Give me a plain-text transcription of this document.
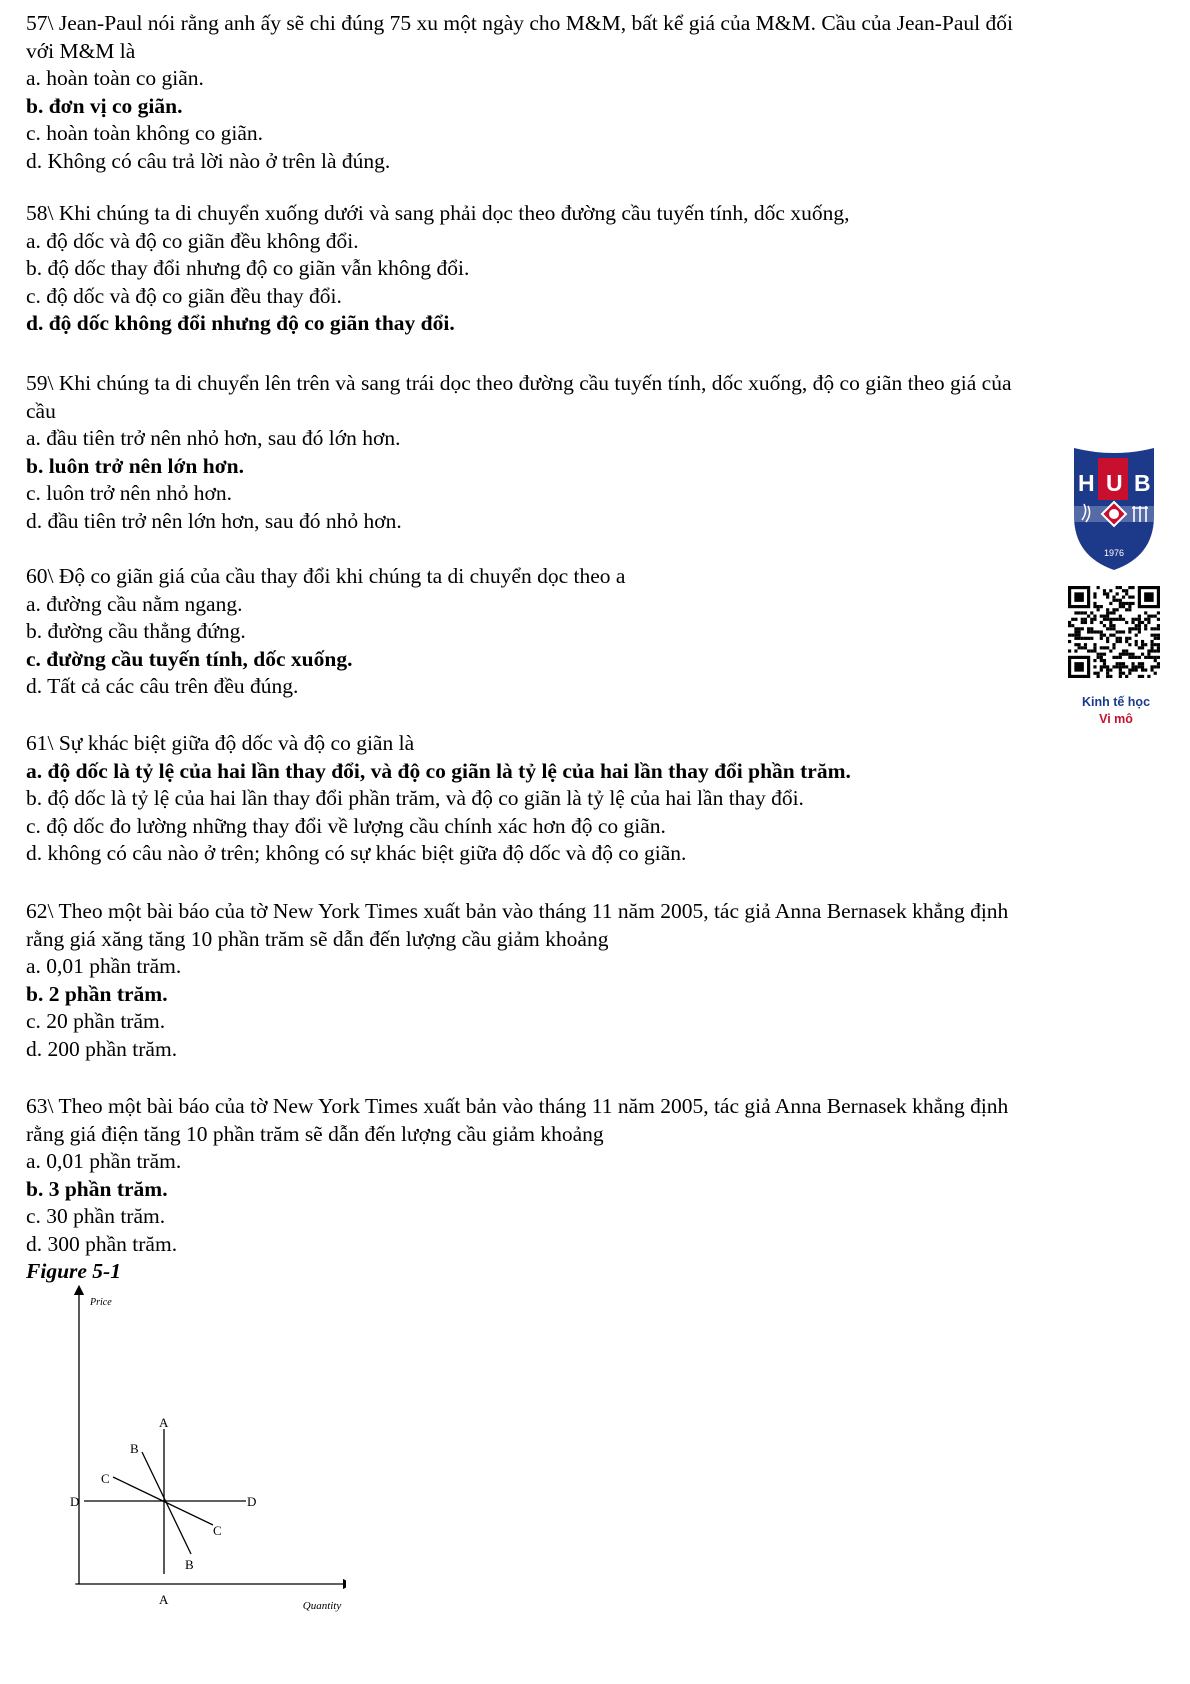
57\ Jean-Paul nói rằng anh ấy sẽ chi đúng 75 xu một ngày cho M&M, bất kể giá của M&M. Cầu của Jean-Paul đối

với M&M là

a. hoàn toàn co giãn.

b. đơn vị co giãn.

c. hoàn toàn không co giãn.

d. Không có câu trả lời nào ở trên là đúng.

58\ Khi chúng ta di chuyển xuống dưới và sang phải dọc theo đường cầu tuyến tính, dốc xuống,

a. độ dốc và độ co giãn đều không đổi.

b. độ dốc thay đổi nhưng độ co giãn vẫn không đổi.

c. độ dốc và độ co giãn đều thay đổi.

d. độ dốc không đổi nhưng độ co giãn thay đổi.

59\ Khi chúng ta di chuyển lên trên và sang trái dọc theo đường cầu tuyến tính, dốc xuống, độ co giãn theo giá của

cầu

a. đầu tiên trở nên nhỏ hơn, sau đó lớn hơn.

b. luôn trở nên lớn hơn.

c. luôn trở nên nhỏ hơn.

d. đầu tiên trở nên lớn hơn, sau đó nhỏ hơn.

60\ Độ co giãn giá của cầu thay đổi khi chúng ta di chuyển dọc theo a

a. đường cầu nằm ngang.

b. đường cầu thẳng đứng.

c. đường cầu tuyến tính, dốc xuống.

d. Tất cả các câu trên đều đúng.

61\ Sự khác biệt giữa độ dốc và độ co giãn là

a. độ dốc là tỷ lệ của hai lần thay đổi, và độ co giãn là tỷ lệ của hai lần thay đổi phần trăm.

b. độ dốc là tỷ lệ của hai lần thay đổi phần trăm, và độ co giãn là tỷ lệ của hai lần thay đổi.

c. độ dốc đo lường những thay đổi về lượng cầu chính xác hơn độ co giãn.

d. không có câu nào ở trên; không có sự khác biệt giữa độ dốc và độ co giãn.

62\ Theo một bài báo của tờ New York Times xuất bản vào tháng 11 năm 2005, tác giả Anna Bernasek khẳng định

rằng giá xăng tăng 10 phần trăm sẽ dẫn đến lượng cầu giảm khoảng

a. 0,01 phần trăm.

b. 2 phần trăm.

c. 20 phần trăm.

d. 200 phần trăm.

63\ Theo một bài báo của tờ New York Times xuất bản vào tháng 11 năm 2005, tác giả Anna Bernasek khẳng định

rằng giá điện tăng 10 phần trăm sẽ dẫn đến lượng cầu giảm khoảng

a. 0,01 phần trăm.

b. 3 phần trăm.

c. 30 phần trăm.

d. 300 phần trăm.

Figure 5-1
Price
Quantity
A
A
B
B
C
C
D	D
H U B
1976
Kinh tế học
Vi mô
